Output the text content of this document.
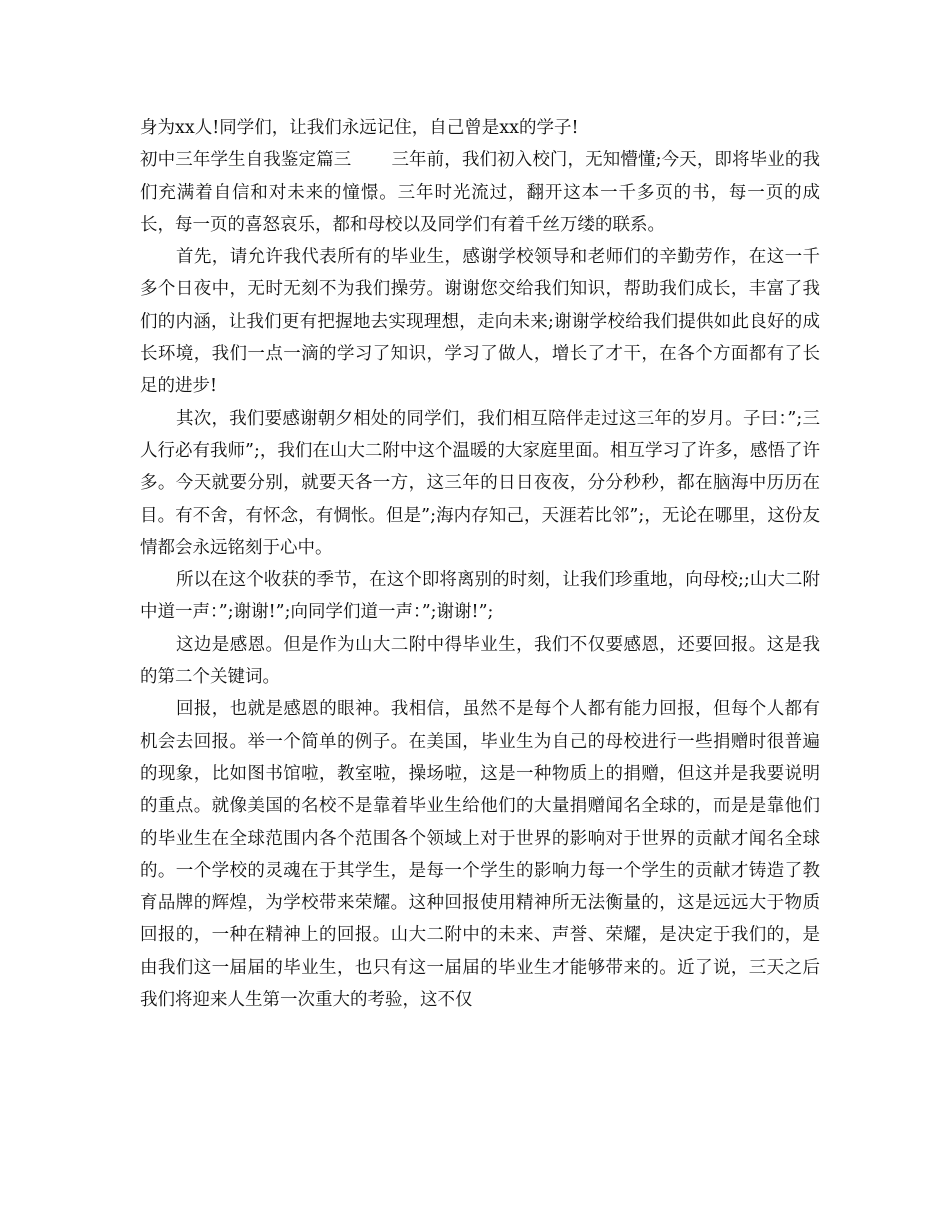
身为xx人!同学们，让我们永远记住，自己曾是xx的学子!

初中三年学生自我鉴定篇三 三年前，我们初入校门，无知懵懂;今天，即将毕业的我们充满着自信和对未来的憧憬。三年时光流过，翻开这本一千多页的书，每一页的成长，每一页的喜怒哀乐，都和母校以及同学们有着千丝万缕的联系。

首先，请允许我代表所有的毕业生，感谢学校领导和老师们的辛勤劳作，在这一千多个日夜中，无时无刻不为我们操劳。谢谢您交给我们知识，帮助我们成长，丰富了我们的内涵，让我们更有把握地去实现理想，走向未来;谢谢学校给我们提供如此良好的成长环境，我们一点一滴的学习了知识，学习了做人，增长了才干，在各个方面都有了长足的进步!

其次，我们要感谢朝夕相处的同学们，我们相互陪伴走过这三年的岁月。子曰：”;三人行必有我师”;，我们在山大二附中这个温暖的大家庭里面。相互学习了许多，感悟了许多。今天就要分别，就要天各一方，这三年的日日夜夜，分分秒秒，都在脑海中历历在目。有不舍，有怀念，有惆怅。但是”;海内存知己，天涯若比邻”;，无论在哪里，这份友情都会永远铭刻于心中。

所以在这个收获的季节，在这个即将离别的时刻，让我们珍重地，向母校;;山大二附中道一声：”;谢谢!”;向同学们道一声：”;谢谢!”;

这边是感恩。但是作为山大二附中得毕业生，我们不仅要感恩，还要回报。这是我的第二个关键词。

回报，也就是感恩的眼神。我相信，虽然不是每个人都有能力回报，但每个人都有机会去回报。举一个简单的例子。在美国，毕业生为自己的母校进行一些捐赠时很普遍的现象，比如图书馆啦，教室啦，操场啦，这是一种物质上的捐赠，但这并是我要说明的重点。就像美国的名校不是靠着毕业生给他们的大量捐赠闻名全球的，而是是靠他们的毕业生在全球范围内各个范围各个领域上对于世界的影响对于世界的贡献才闻名全球的。一个学校的灵魂在于其学生，是每一个学生的影响力每一个学生的贡献才铸造了教育品牌的辉煌，为学校带来荣耀。这种回报使用精神所无法衡量的，这是远远大于物质回报的，一种在精神上的回报。山大二附中的未来、声誉、荣耀，是决定于我们的，是由我们这一届届的毕业生，也只有这一届届的毕业生才能够带来的。近了说，三天之后我们将迎来人生第一次重大的考验，这不仅
